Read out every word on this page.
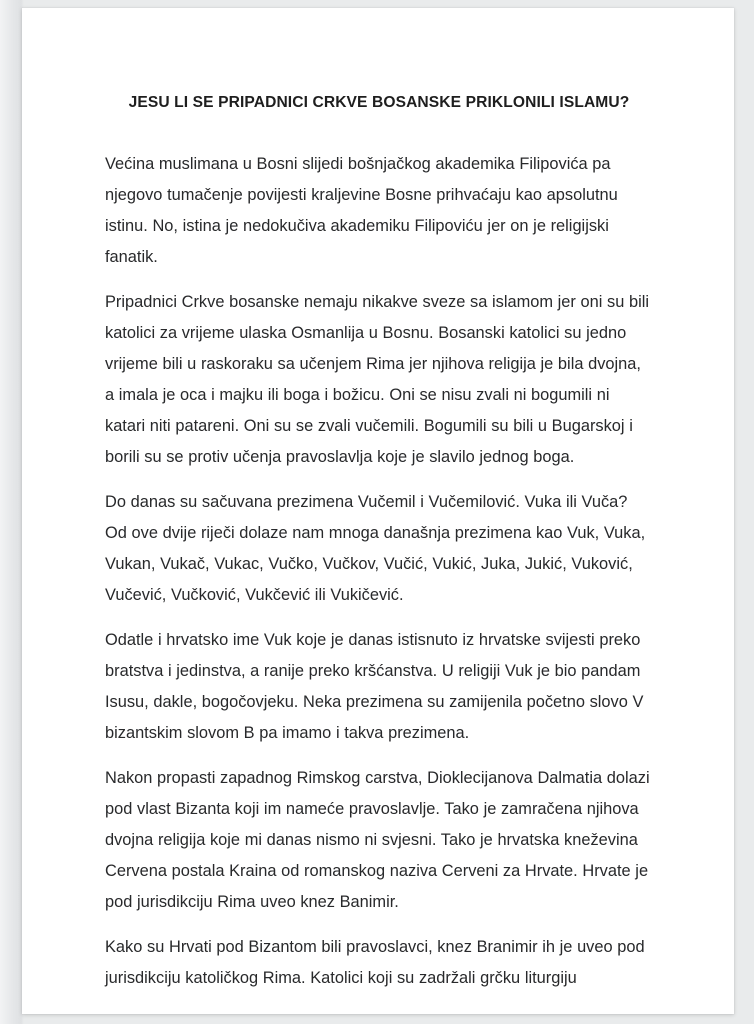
JESU LI SE PRIPADNICI CRKVE BOSANSKE PRIKLONILI ISLAMU?

Većina muslimana u Bosni slijedi bošnjačkog akademika Filipovića pa njegovo tumačenje povijesti kraljevine Bosne prihvaćaju kao apsolutnu istinu. No, istina je nedokučiva akademiku Filipoviću jer on je religijski fanatik.

Pripadnici Crkve bosanske nemaju nikakve sveze sa islamom jer oni su bili katolici za vrijeme ulaska Osmanlija u Bosnu. Bosanski katolici su jedno vrijeme bili u raskoraku sa učenjem Rima jer njihova religija je bila dvojna, a imala je oca i majku ili boga i božicu. Oni se nisu zvali ni bogumili ni katari niti patareni. Oni su se zvali vučemili. Bogumili su bili u Bugarskoj i borili su se protiv učenja pravoslavlja koje je slavilo jednog boga.

Do danas su sačuvana prezimena Vučemil i Vučemilović. Vuka ili Vuča? Od ove dvije riječi dolaze nam mnoga današnja prezimena kao Vuk, Vuka, Vukan, Vukač, Vukac, Vučko, Vučkov, Vučić, Vukić, Juka, Jukić, Vuković, Vučević, Vučković, Vukčević ili Vukičević.

Odatle i hrvatsko ime Vuk koje je danas istisnuto iz hrvatske svijesti preko bratstva i jedinstva, a ranije preko kršćanstva. U religiji Vuk je bio pandam Isusu, dakle, bogočovjeku. Neka prezimena su zamijenila početno slovo V bizantskim slovom B pa imamo i takva prezimena.

Nakon propasti zapadnog Rimskog carstva, Dioklecijanova Dalmatia dolazi pod vlast Bizanta koji im nameće pravoslavlje. Tako je zamračena njihova dvojna religija koje mi danas nismo ni svjesni. Tako je hrvatska kneževina Cervena postala Kraina od romanskog naziva Cerveni za Hrvate. Hrvate je pod jurisdikciju Rima uveo knez Banimir.

Kako su Hrvati pod Bizantom bili pravoslavci, knez Branimir ih je uveo pod jurisdikciju katoličkog Rima. Katolici koji su zadržali grčku liturgiju
